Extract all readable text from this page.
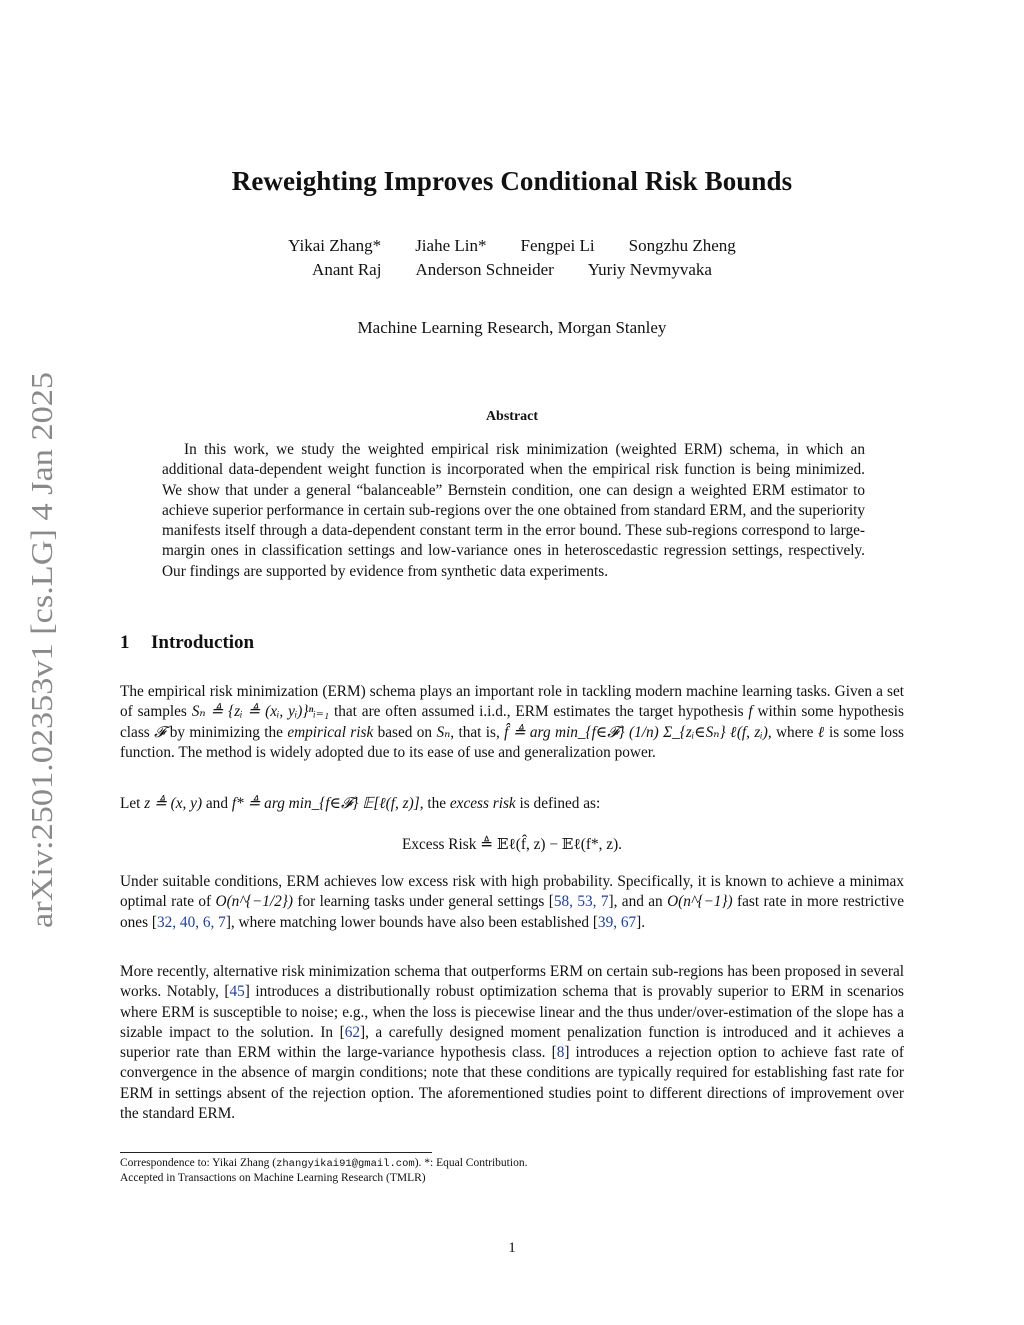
arXiv:2501.02353v1 [cs.LG] 4 Jan 2025
Reweighting Improves Conditional Risk Bounds
Yikai Zhang* Jiahe Lin* Fengpei Li Songzhu Zheng
Anant Raj Anderson Schneider Yuriy Nevmyvaka
Machine Learning Research, Morgan Stanley
Abstract

In this work, we study the weighted empirical risk minimization (weighted ERM) schema, in which an additional data-dependent weight function is incorporated when the empirical risk function is being minimized. We show that under a general “balanceable” Bernstein condition, one can design a weighted ERM estimator to achieve superior performance in certain sub-regions over the one obtained from standard ERM, and the superiority manifests itself through a data-dependent constant term in the error bound. These sub-regions correspond to large-margin ones in classification settings and low-variance ones in heteroscedastic regression settings, respectively. Our findings are supported by evidence from synthetic data experiments.

1 Introduction

The empirical risk minimization (ERM) schema plays an important role in tackling modern machine learning tasks. Given a set of samples Sₙ ≜ {zᵢ ≜ (xᵢ, yᵢ)}ⁿᵢ₌₁ that are often assumed i.i.d., ERM estimates the target hypothesis f within some hypothesis class 𝓕 by minimizing the empirical risk based on Sₙ, that is, f̂ ≜ arg min_{f∈𝓕} (1/n) Σ_{zᵢ∈Sₙ} ℓ(f, zᵢ), where ℓ is some loss function. The method is widely adopted due to its ease of use and generalization power.

Let z ≜ (x, y) and f* ≜ arg min_{f∈𝓕} 𝔼[ℓ(f, z)], the excess risk is defined as:

Excess Risk ≜ 𝔼ℓ(f̂, z) − 𝔼ℓ(f*, z).

Under suitable conditions, ERM achieves low excess risk with high probability. Specifically, it is known to achieve a minimax optimal rate of O(n^{−1/2}) for learning tasks under general settings [58, 53, 7], and an O(n^{−1}) fast rate in more restrictive ones [32, 40, 6, 7], where matching lower bounds have also been established [39, 67].

More recently, alternative risk minimization schema that outperforms ERM on certain sub-regions has been proposed in several works. Notably, [45] introduces a distributionally robust optimization schema that is provably superior to ERM in scenarios where ERM is susceptible to noise; e.g., when the loss is piecewise linear and the thus under/over-estimation of the slope has a sizable impact to the solution. In [62], a carefully designed moment penalization function is introduced and it achieves a superior rate than ERM within the large-variance hypothesis class. [8] introduces a rejection option to achieve fast rate of convergence in the absence of margin conditions; note that these conditions are typically required for establishing fast rate for ERM in settings absent of the rejection option. The aforementioned studies point to different directions of improvement over the standard ERM.

Correspondence to: Yikai Zhang (zhangyikai91@gmail.com). *: Equal Contribution.
Accepted in Transactions on Machine Learning Research (TMLR)
1
